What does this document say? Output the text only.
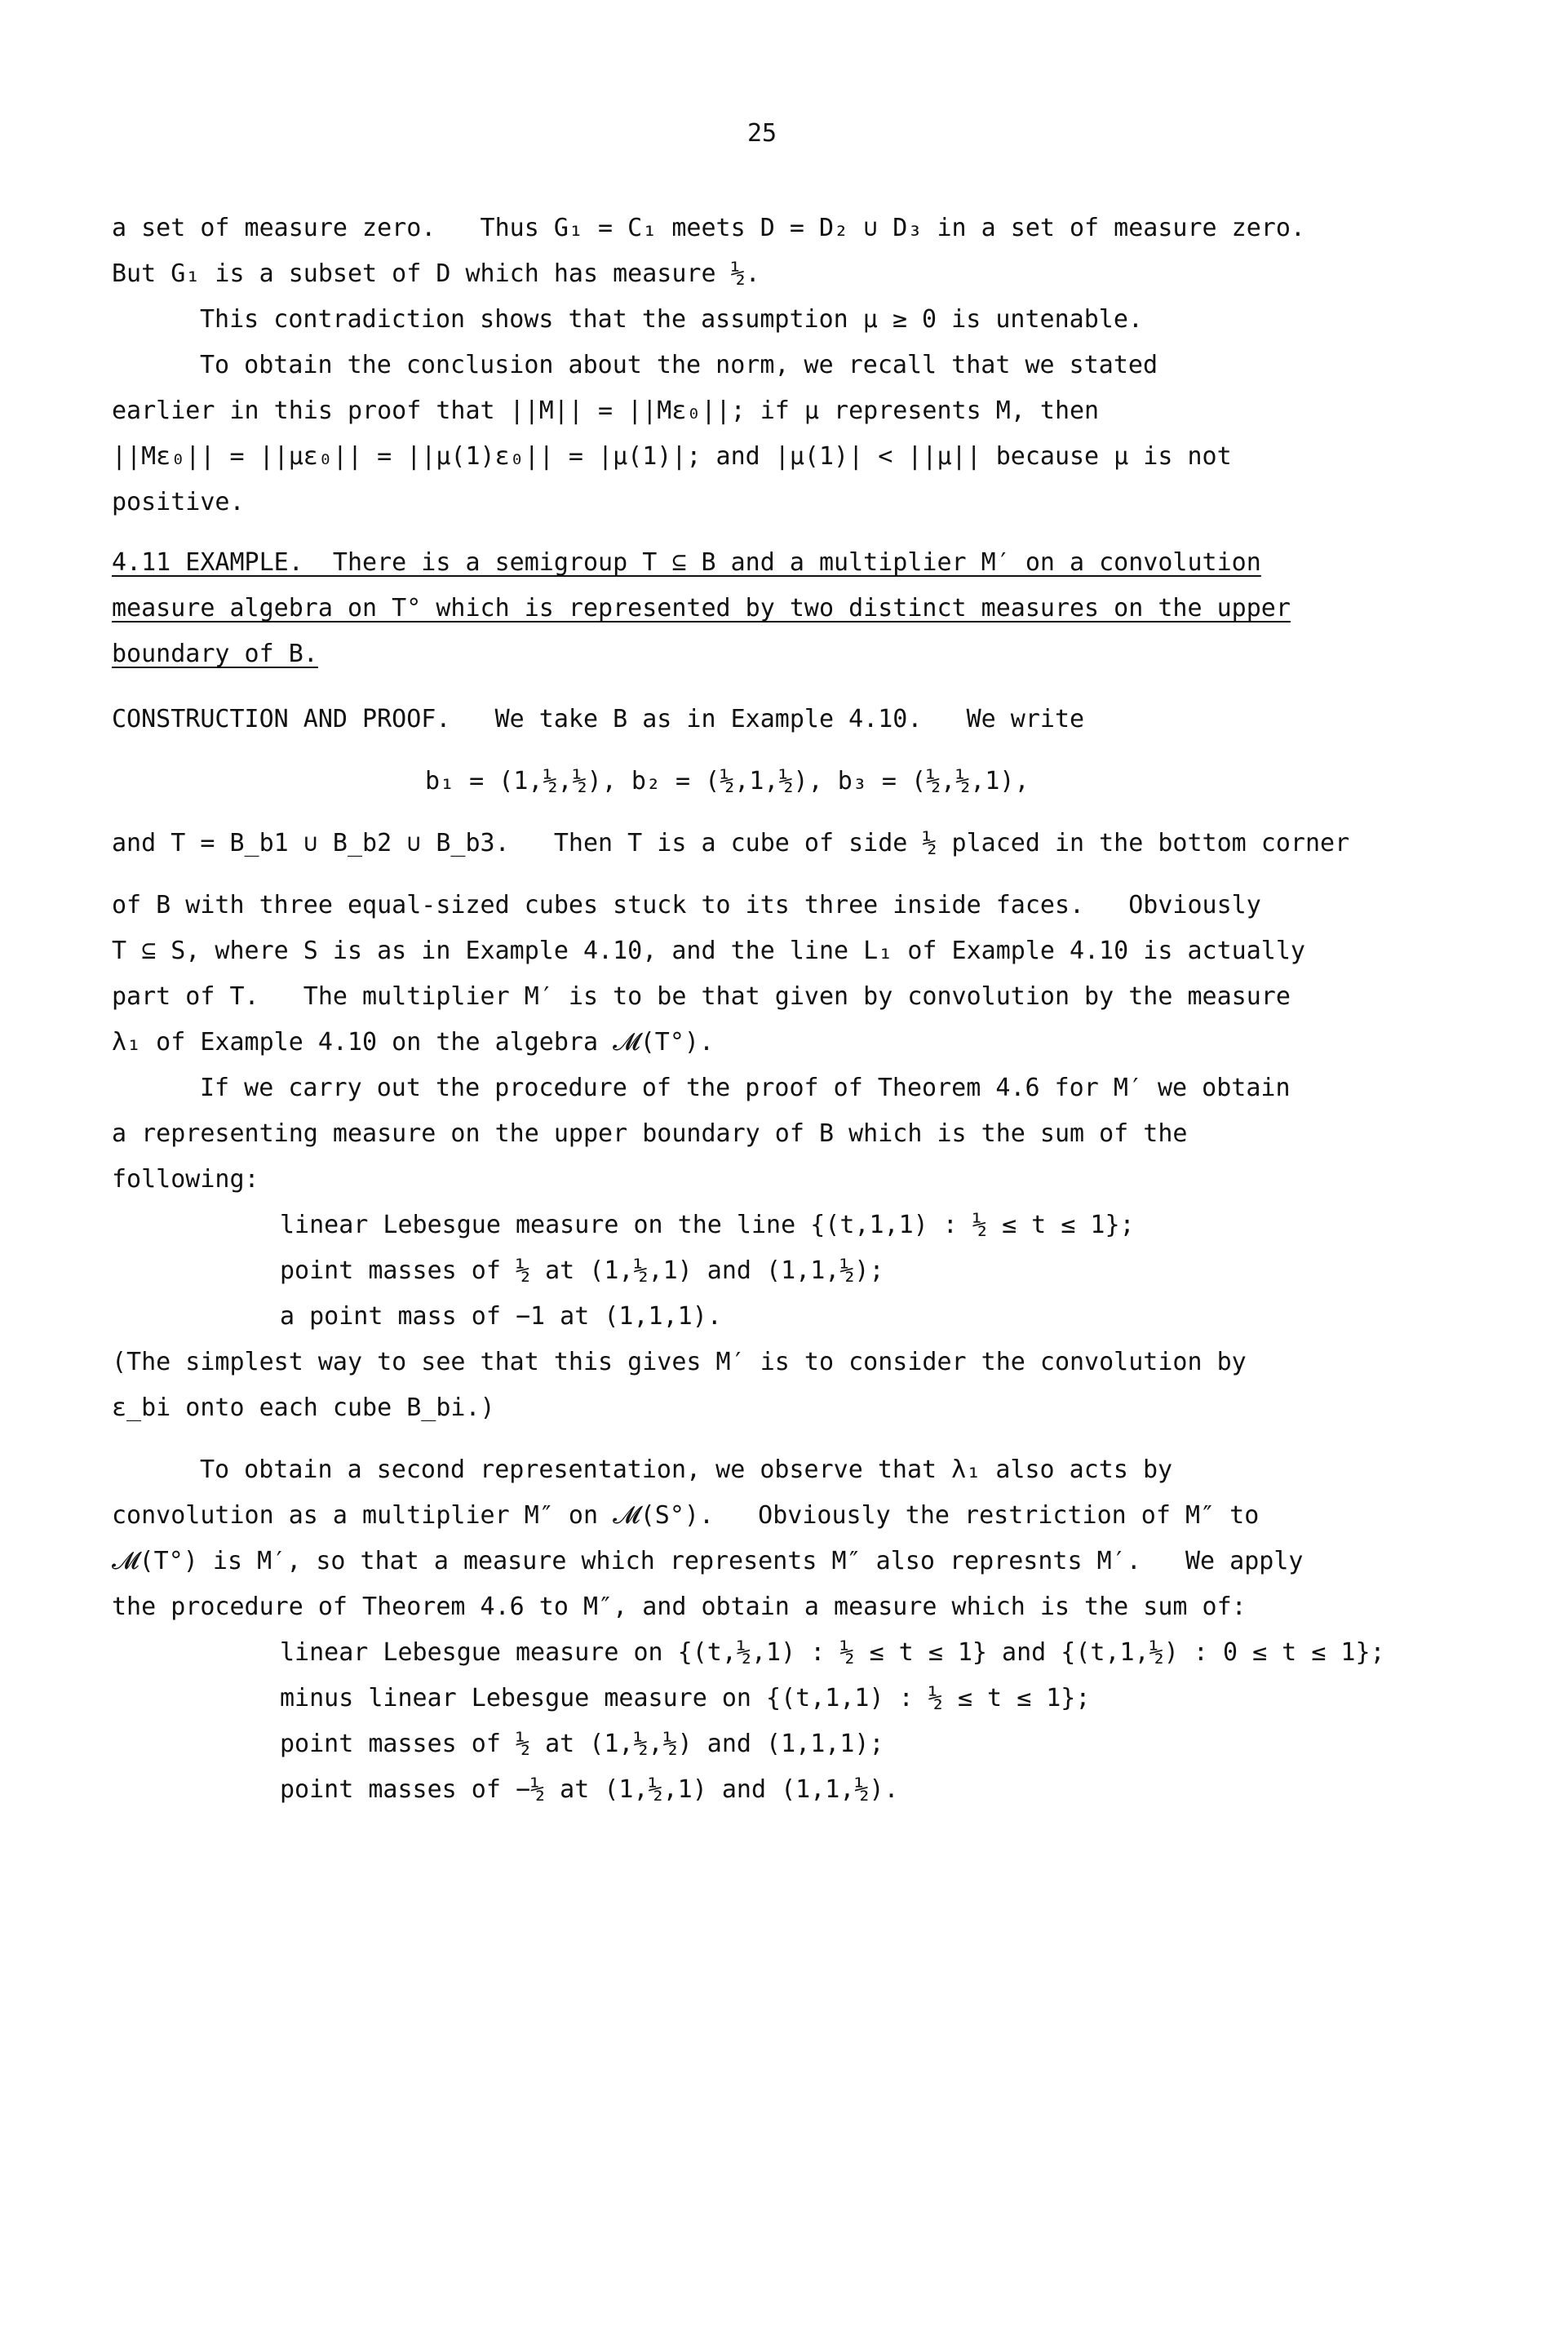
25
a set of measure zero.   Thus G₁ = C₁ meets D = D₂ ∪ D₃ in a set of measure zero.
But G₁ is a subset of D which has measure ½.
This contradiction shows that the assumption μ ≥ 0 is untenable.
To obtain the conclusion about the norm, we recall that we stated
earlier in this proof that ||M|| = ||Mε₀||; if μ represents M, then
||Mε₀|| = ||με₀|| = ||μ(1)ε₀|| = |μ(1)|; and |μ(1)| < ||μ|| because μ is not
positive.
4.11 EXAMPLE.  There is a semigroup T ⊆ B and a multiplier M′ on a convolution
measure algebra on T° which is represented by two distinct measures on the upper
boundary of B.
CONSTRUCTION AND PROOF.   We take B as in Example 4.10.   We write
b₁ = (1,½,½), b₂ = (½,1,½), b₃ = (½,½,1),
and T = B_b1 ∪ B_b2 ∪ B_b3.   Then T is a cube of side ½ placed in the bottom corner
of B with three equal-sized cubes stuck to its three inside faces.   Obviously
T ⊆ S, where S is as in Example 4.10, and the line L₁ of Example 4.10 is actually
part of T.   The multiplier M′ is to be that given by convolution by the measure
λ₁ of Example 4.10 on the algebra 𝓜(T°).
If we carry out the procedure of the proof of Theorem 4.6 for M′ we obtain
a representing measure on the upper boundary of B which is the sum of the
following:
linear Lebesgue measure on the line {(t,1,1) : ½ ≤ t ≤ 1};
point masses of ½ at (1,½,1) and (1,1,½);
a point mass of −1 at (1,1,1).
(The simplest way to see that this gives M′ is to consider the convolution by
ε_bi onto each cube B_bi.)
To obtain a second representation, we observe that λ₁ also acts by
convolution as a multiplier M″ on 𝓜(S°).   Obviously the restriction of M″ to
𝓜(T°) is M′, so that a measure which represents M″ also represnts M′.   We apply
the procedure of Theorem 4.6 to M″, and obtain a measure which is the sum of:
linear Lebesgue measure on {(t,½,1) : ½ ≤ t ≤ 1} and {(t,1,½) : 0 ≤ t ≤ 1};
minus linear Lebesgue measure on {(t,1,1) : ½ ≤ t ≤ 1};
point masses of ½ at (1,½,½) and (1,1,1);
point masses of −½ at (1,½,1) and (1,1,½).
